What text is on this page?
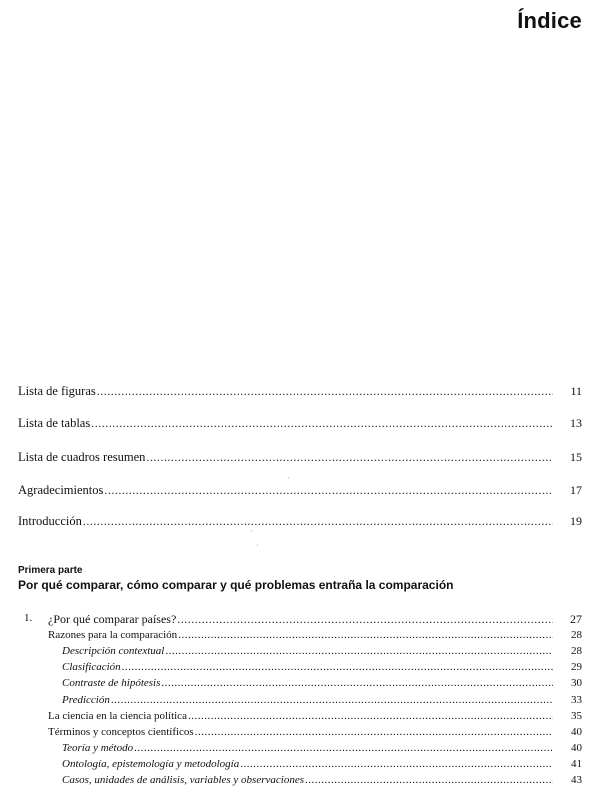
Índice
Lista de figuras .....	11
Lista de tablas .....	13
Lista de cuadros resumen .....	15
Agradecimientos .....	17
Introducción .....	19
·
·
·
Primera parte
Por qué comparar, cómo comparar y qué problemas entraña la comparación
1. ¿Por qué comparar países? .....	27
Razones para la comparación .....	28
Descripción contextual .....	28
Clasificación .....	29
Contraste de hipótesis .....	30
Predicción .....	33
La ciencia en la ciencia política .....	35
Términos y conceptos científicos .....	40
Teoría y método .....	40
Ontología, epistemología y metodología .....	41
Casos, unidades de análisis, variables y observaciones .....	43
